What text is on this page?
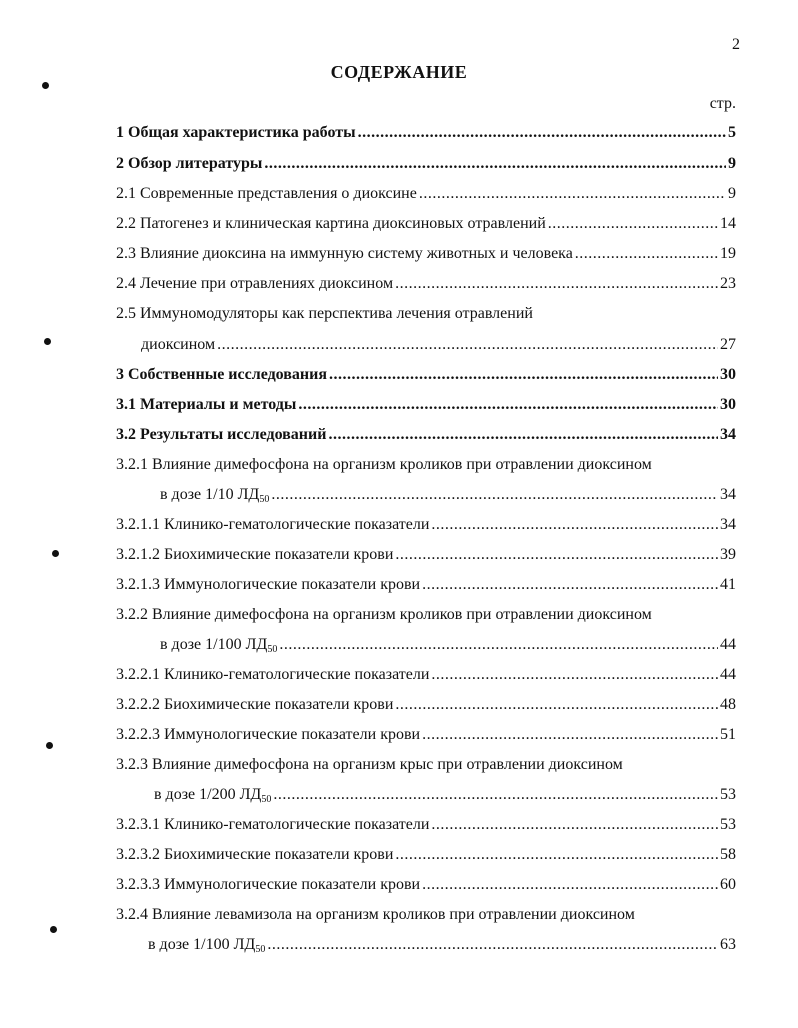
2
СОДЕРЖАНИЕ
стр.
1 Общая характеристика работы .....	5
2 Обзор литературы .....	9
2.1 Современные представления о диоксине .....	9
2.2 Патогенез и клиническая картина диоксиновых отравлений .....	14
2.3 Влияние диоксина на иммунную систему животных и человека .....	19
2.4 Лечение при отравлениях диоксином .....	23
2.5 Иммуномодуляторы как перспектива лечения отравлений
диоксином .....	27
3 Собственные исследования .....	30
3.1 Материалы и методы .....	30
3.2 Результаты исследований .....	34
3.2.1 Влияние димефосфона на организм кроликов при отравлении диоксином
в дозе 1/10 $ЛД_{50}$ .....	34
3.2.1.1 Клинико-гематологические показатели .....	34
3.2.1.2 Биохимические показатели крови .....	39
3.2.1.3 Иммунологические показатели крови .....	41
3.2.2 Влияние димефосфона на организм кроликов при отравлении диоксином
в дозе 1/100 $ЛД_{50}$ .....	44
3.2.2.1 Клинико-гематологические показатели .....	44
3.2.2.2 Биохимические показатели крови .....	48
3.2.2.3 Иммунологические показатели крови .....	51
3.2.3 Влияние димефосфона на организм крыс при отравлении диоксином
в дозе 1/200 $ЛД_{50}$ .....	53
3.2.3.1 Клинико-гематологические показатели .....	53
3.2.3.2 Биохимические показатели крови .....	58
3.2.3.3 Иммунологические показатели крови .....	60
3.2.4 Влияние левамизола на организм кроликов при отравлении диоксином
в дозе 1/100 $ЛД_{50}$ .....	63
